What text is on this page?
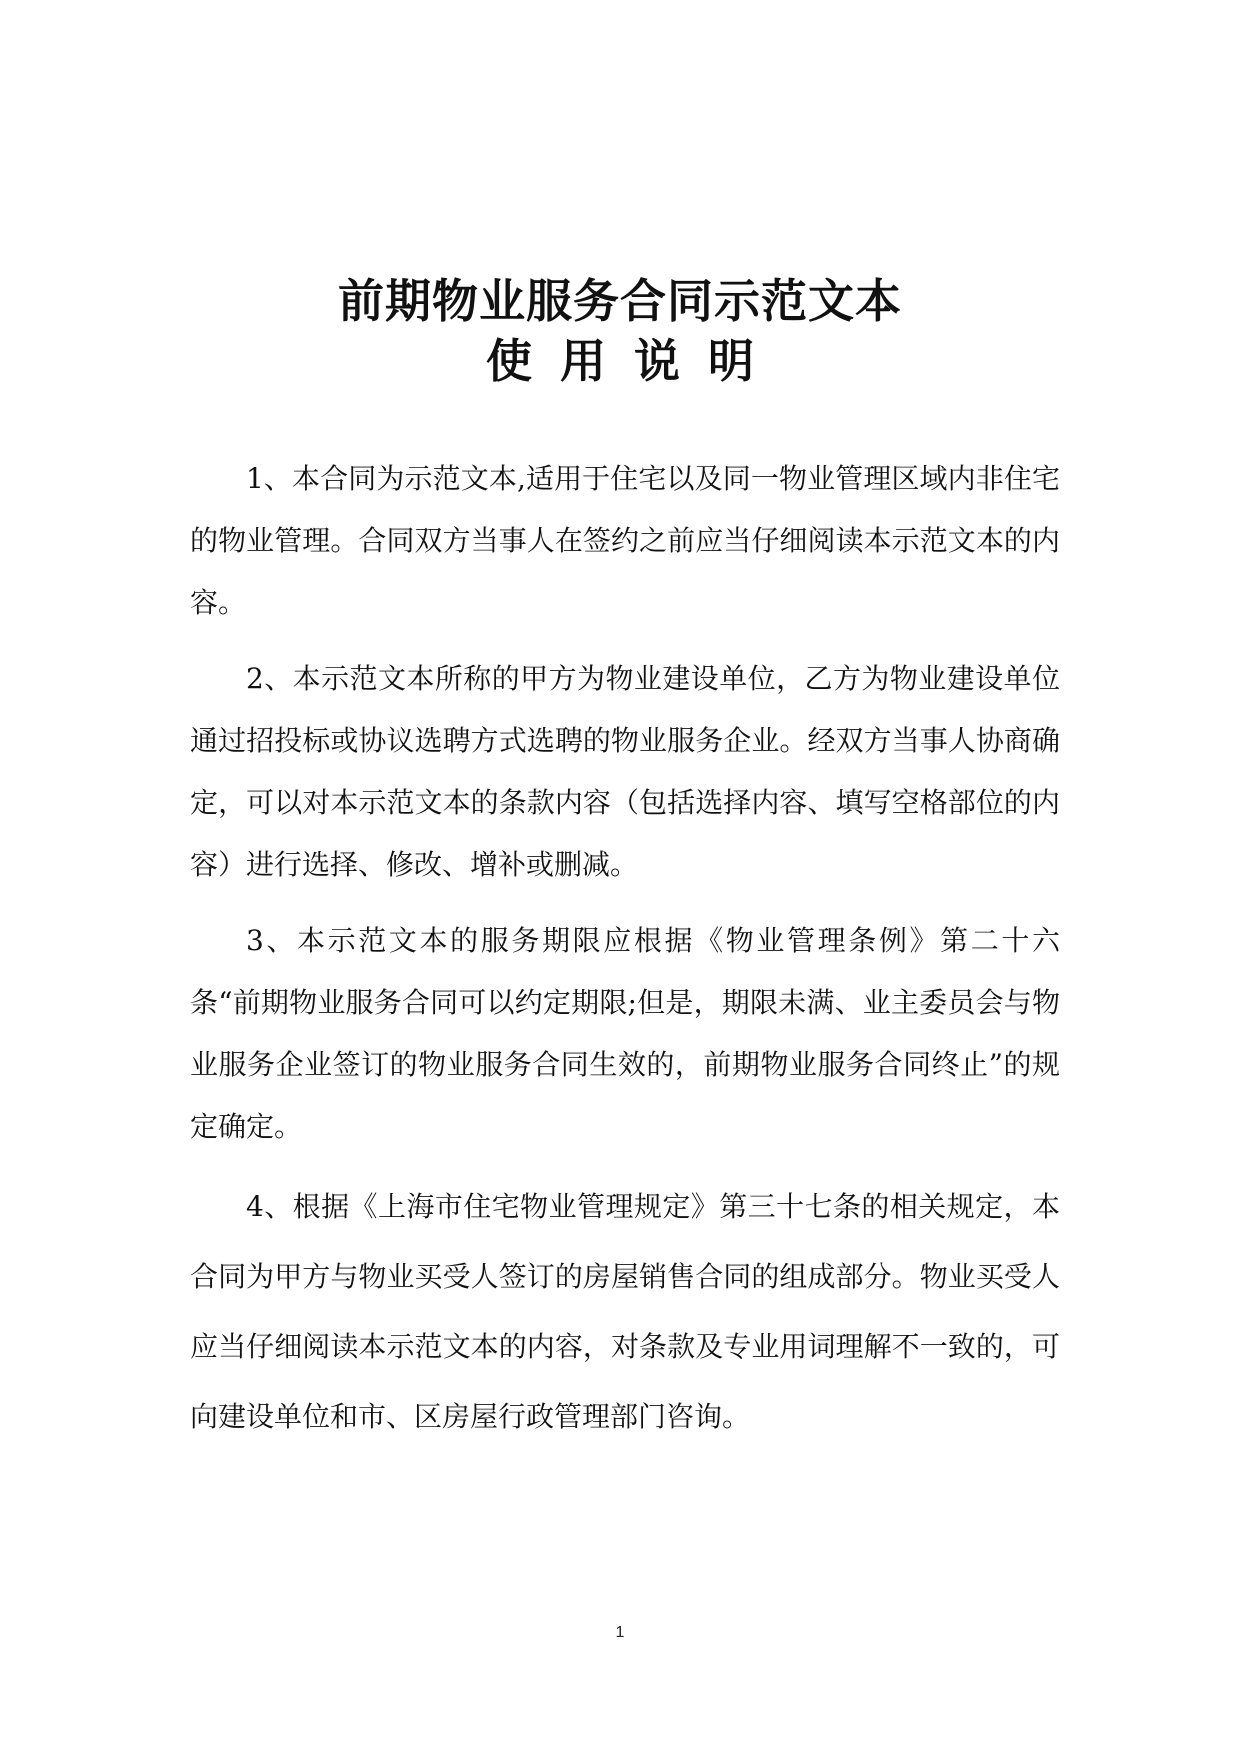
前期物业服务合同示范文本
使用说明

1、本合同为示范文本,适用于住宅以及同一物业管理区域内非住宅的物业管理。合同双方当事人在签约之前应当仔细阅读本示范文本的内容。

2、本示范文本所称的甲方为物业建设单位，乙方为物业建设单位通过招投标或协议选聘方式选聘的物业服务企业。经双方当事人协商确定，可以对本示范文本的条款内容（包括选择内容、填写空格部位的内容）进行选择、修改、增补或删减。

3、本示范文本的服务期限应根据《物业管理条例》第二十六条“前期物业服务合同可以约定期限;但是，期限未满、业主委员会与物业服务企业签订的物业服务合同生效的，前期物业服务合同终止”的规定确定。

4、根据《上海市住宅物业管理规定》第三十七条的相关规定，本合同为甲方与物业买受人签订的房屋销售合同的组成部分。物业买受人应当仔细阅读本示范文本的内容，对条款及专业用词理解不一致的，可向建设单位和市、区房屋行政管理部门咨询。

1
